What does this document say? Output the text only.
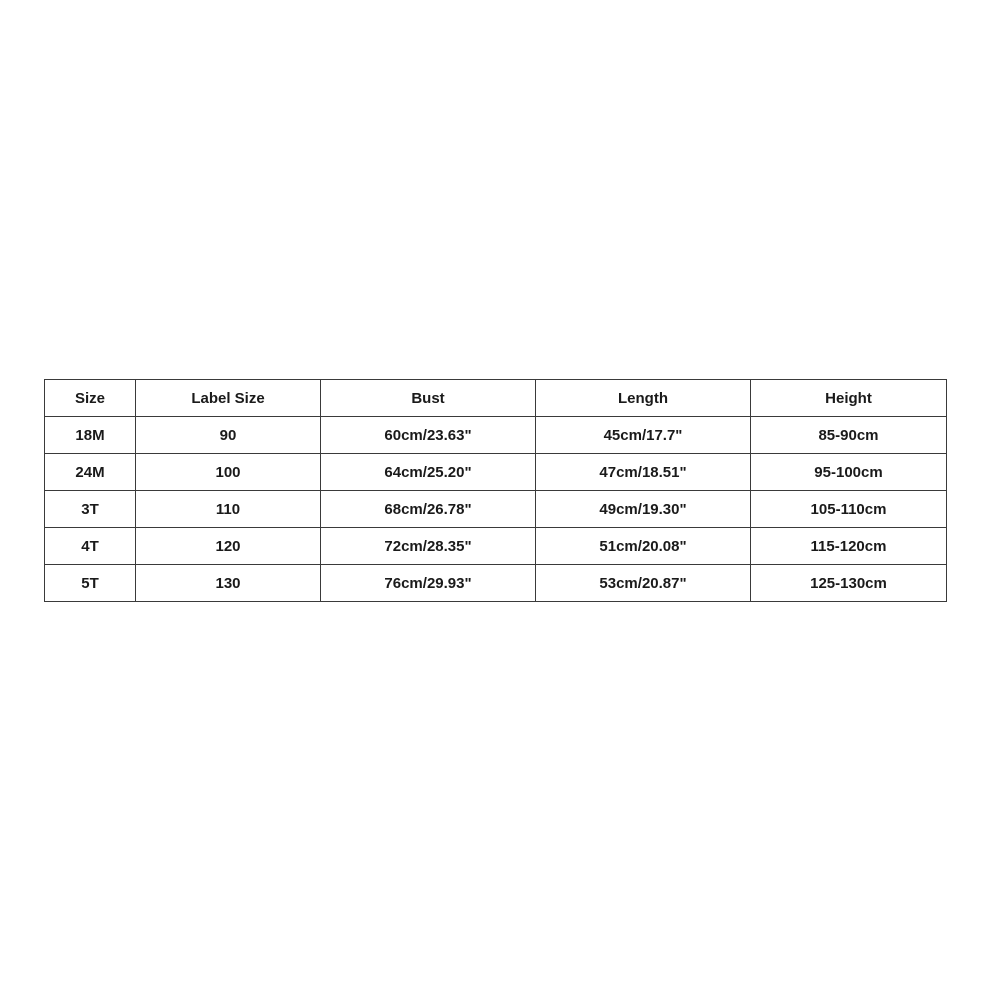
Size	Label Size	Bust	Length	Height
18M	90	60cm/23.63"	45cm/17.7"	85-90cm
24M	100	64cm/25.20"	47cm/18.51"	95-100cm
3T	110	68cm/26.78"	49cm/19.30"	105-110cm
4T	120	72cm/28.35"	51cm/20.08"	115-120cm
5T	130	76cm/29.93"	53cm/20.87"	125-130cm
